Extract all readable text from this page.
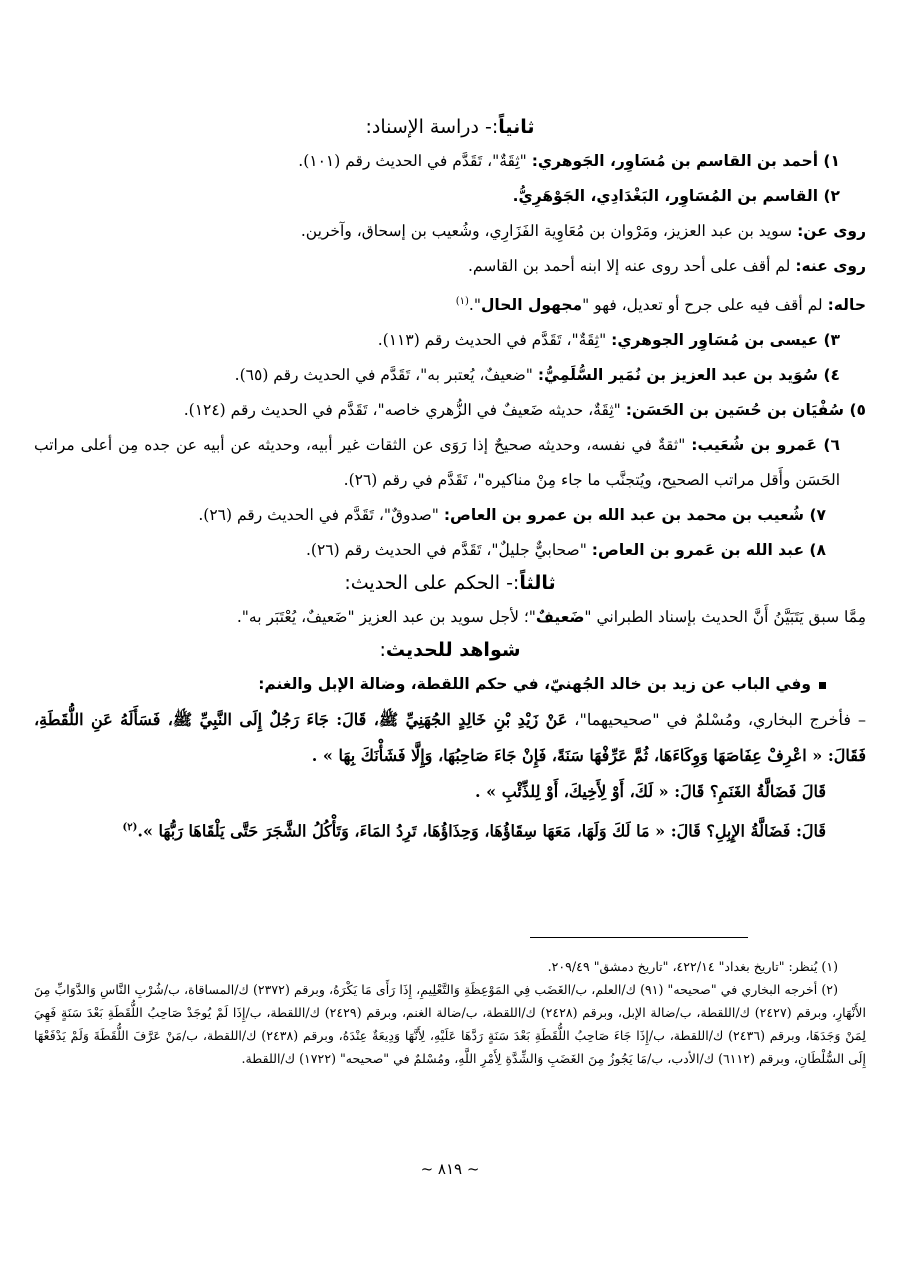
ثانياً:- دراسة الإسناد:

١) أحمد بن القاسم بن مُسَاوِر، الجَوهري: "ثِقَةٌ"، تَقَدَّم في الحديث رقم (١٠١).

٢) القاسم بن المُسَاوِر، البَغْدَادِي، الجَوْهَرِيُّ.

روى عن: سويد بن عبد العزيز، ومَرْوان بن مُعَاوِية الفَزَارِي، وشُعيب بن إسحاق، وآخرين.

روى عنه: لم أقف على أحد روى عنه إلا ابنه أحمد بن القاسم.

حاله: لم أقف فيه على جرح أو تعديل، فهو "مجهول الحال".$^{(١)}$

٣) عيسى بن مُسَاوِر الجوهري: "ثِقَةٌ"، تَقَدَّم في الحديث رقم (١١٣).

٤) سُوَيد بن عبد العزيز بن نُمَير السُّلَمِيُّ: "ضعيفٌ، يُعتبر به"، تَقَدَّم في الحديث رقم (٦٥).

٥) سُفْيَان بن حُسَين بن الحَسَن: "ثِقَةٌ، حديثه ضَعيفٌ في الزُّهري خاصه"، تَقَدَّم في الحديث رقم (١٢٤).

٦) عَمرو بن شُعَيب: "ثقةٌ في نفسه، وحديثه صحيحٌ إذا رَوَى عن الثقات غير أبيه، وحديثه عن أبيه عن جده مِن أعلى مراتب الحَسَن وأَقل مراتب الصحيح، ويُتجنَّب ما جاء مِنْ مناكيره"، تَقَدَّم في رقم (٢٦).

٧) شُعيب بن محمد بن عبد الله بن عمرو بن العاص: "صدوقٌ"، تَقَدَّم في الحديث رقم (٢٦).

٨) عبد الله بن عَمرو بن العاص: "صحابيٌّ جليلٌ"، تَقَدَّم في الحديث رقم (٢٦).

ثالثاً:- الحكم على الحديث:

مِمَّا سبق يَتَبَيَّنُ أَنَّ الحديث بإسناد الطبراني "ضَعيفٌ"؛ لأجل سويد بن عبد العزيز "ضَعيفٌ، يُعْتَبَر به".

شواهد للحديث:

وفي الباب عن زيد بن خالد الجُهنيّ، في حكم اللقطة، وضالة الإبل والغنم:

– فأخرج البخاري، ومُسْلمٌ في "صحيحيهما"، عَنْ زَيْدِ بْنِ خَالِدٍ الجُهَنِيِّ ﷺ، قَالَ: جَاءَ رَجُلٌ إِلَى النَّبِيِّ ﷺ، فَسَأَلَهُ عَنِ اللُّقَطَةِ، فَقَالَ: « اعْرِفْ عِفَاصَهَا وَوِكَاءَهَا، ثُمَّ عَرِّفْهَا سَنَةً، فَإِنْ جَاءَ صَاحِبُهَا، وَإِلَّا فَشَأْنَكَ بِهَا » .

قَالَ فَضَالَّةُ الغَنَمِ؟ قَالَ: « لَكَ، أَوْ لِأَخِيكَ، أَوْ لِلذِّئْبِ » .

قَالَ: فَضَالَّةُ الإِبِلِ؟ قَالَ: « مَا لَكَ وَلَهَا، مَعَهَا سِقَاؤُهَا، وَحِذَاؤُهَا، تَرِدُ المَاءَ، وَتَأْكُلُ الشَّجَرَ حَتَّى يَلْقَاهَا رَبُّهَا ».$^{(٢)}$

(١) يُنظر: "تاريخ بغداد" ٤٢٢/١٤، "تاريخ دمشق" ٢٠٩/٤٩.

(٢) أخرجه البخاري في "صحيحه" (٩١) ك/العلم، ب/الغَضَب فِي المَوْعِظَةِ وَالتَّعْلِيمِ، إِذَا رَأَى مَا يَكْرَهُ، وبرقم (٢٣٧٢) ك/المساقاة، ب/شُرْبِ النَّاسِ وَالدَّوَابِّ مِنَ الأَنْهَارِ، وبرقم (٢٤٢٧) ك/اللقطة، ب/ضالة الإبل، وبرقم (٢٤٢٨) ك/اللقطة، ب/ضالة الغنم، وبرقم (٢٤٢٩) ك/اللقطة، ب/إِذَا لَمْ يُوجَدْ صَاحِبُ اللُّقَطَةِ بَعْدَ سَنَةٍ فَهِيَ لِمَنْ وَجَدَهَا، وبرقم (٢٤٣٦) ك/اللقطة، ب/إِذَا جَاءَ صَاحِبُ اللُّقَطَةِ بَعْدَ سَنَةٍ رَدَّهَا عَلَيْهِ، لِأَنَّهَا وَدِيعَةٌ عِنْدَهُ، وبرقم (٢٤٣٨) ك/اللقطة، ب/مَنْ عَرَّفَ اللُّقَطَةَ وَلَمْ يَدْفَعْهَا إِلَى السُّلْطَانِ، وبرقم (٦١١٢) ك/الأدب، ب/مَا يَجُوزُ مِنَ الغَضَبِ وَالشِّدَّةِ لِأَمْرِ اللَّهِ، ومُسْلمٌ في "صحيحه" (١٧٢٢) ك/اللقطة.

~ ٨١٩ ~
